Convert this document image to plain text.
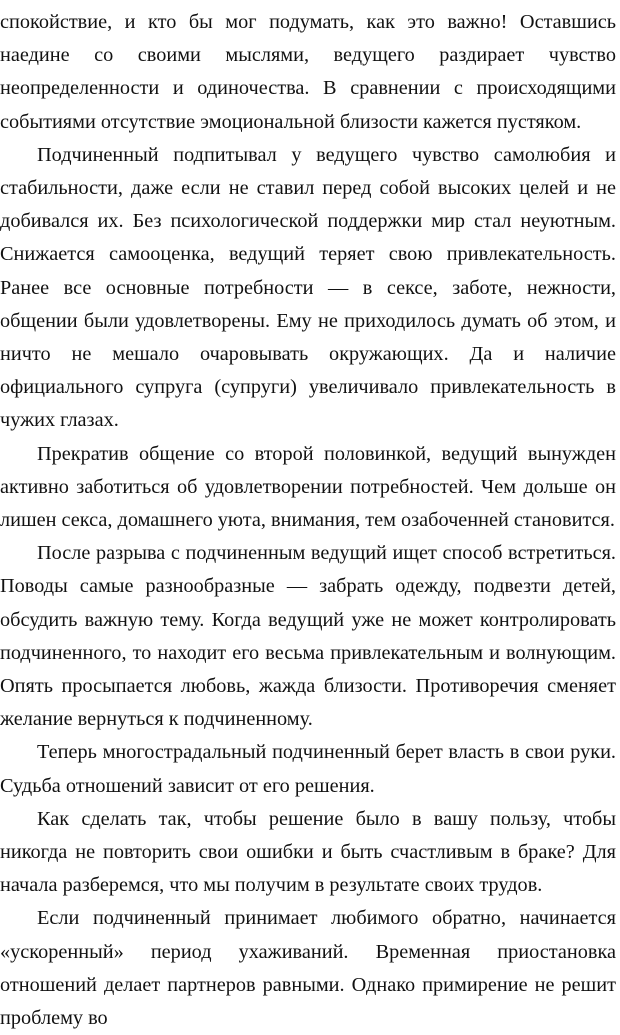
спокойствие, и кто бы мог подумать, как это важно! Оставшись наедине со своими мыслями, ведущего раздирает чувство неопределенности и одиночества. В сравнении с происходящими событиями отсутствие эмоциональной близости кажется пустяком.

Подчиненный подпитывал у ведущего чувство самолюбия и стабильности, даже если не ставил перед собой высоких целей и не добивался их. Без психологической поддержки мир стал неуютным. Снижается самооценка, ведущий теряет свою привлекательность. Ранее все основные потребности — в сексе, заботе, нежности, общении были удовлетворены. Ему не приходилось думать об этом, и ничто не мешало очаровывать окружающих. Да и наличие официального супруга (супруги) увеличивало привлекательность в чужих глазах.

Прекратив общение со второй половинкой, ведущий вынужден активно заботиться об удовлетворении потребностей. Чем дольше он лишен секса, домашнего уюта, внимания, тем озабоченней становится.

После разрыва с подчиненным ведущий ищет способ встретиться. Поводы самые разнообразные — забрать одежду, подвезти детей, обсудить важную тему. Когда ведущий уже не может контролировать подчиненного, то находит его весьма привлекательным и волнующим. Опять просыпается любовь, жажда близости. Противоречия сменяет желание вернуться к подчиненному.

Теперь многострадальный подчиненный берет власть в свои руки. Судьба отношений зависит от его решения.

Как сделать так, чтобы решение было в вашу пользу, чтобы никогда не повторить свои ошибки и быть счастливым в браке? Для начала разберемся, что мы получим в результате своих трудов.

Если подчиненный принимает любимого обратно, начинается «ускоренный» период ухаживаний. Временная приостановка отношений делает партнеров равными. Однако примирение не решит проблему во
